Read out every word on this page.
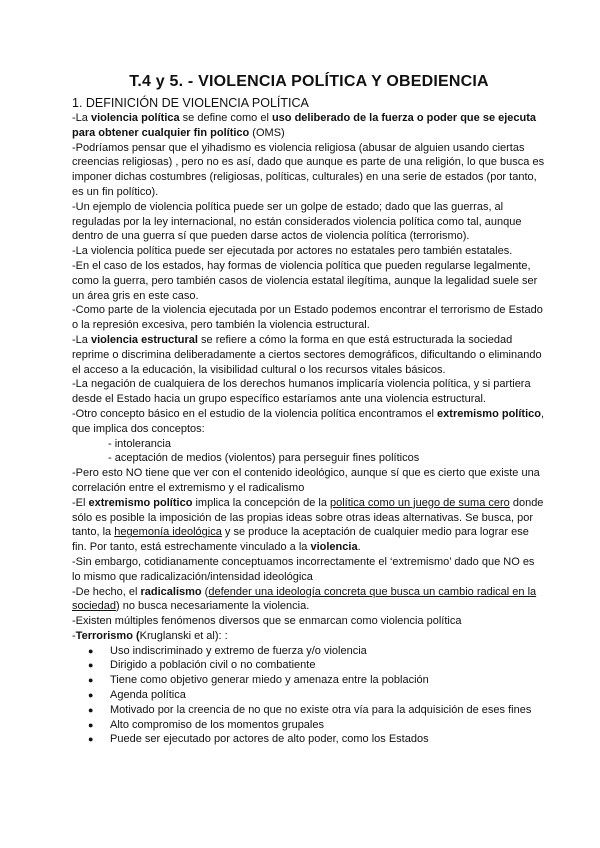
T.4 y 5. - VIOLENCIA POLÍTICA Y OBEDIENCIA
1. DEFINICIÓN DE VIOLENCIA POLÍTICA

-La violencia política se define como el uso deliberado de la fuerza o poder que se ejecuta para obtener cualquier fin político (OMS)

-Podríamos pensar que el yihadismo es violencia religiosa (abusar de alguien usando ciertas creencias religiosas) , pero no es así, dado que aunque es parte de una religión, lo que busca es imponer dichas costumbres (religiosas, políticas, culturales) en una serie de estados (por tanto, es un fin político).

-Un ejemplo de violencia política puede ser un golpe de estado; dado que las guerras, al reguladas por la ley internacional, no están considerados violencia política como tal, aunque dentro de una guerra sí que pueden darse actos de violencia política (terrorismo).

-La violencia política puede ser ejecutada por actores no estatales pero también estatales.

-En el caso de los estados, hay formas de violencia política que pueden regularse legalmente, como la guerra, pero también casos de violencia estatal ilegítima, aunque la legalidad suele ser un área gris en este caso.

-Como parte de la violencia ejecutada por un Estado podemos encontrar el terrorismo de Estado o la represión excesiva, pero también la violencia estructural.

-La violencia estructural se refiere a cómo la forma en que está estructurada la sociedad reprime o discrimina deliberadamente a ciertos sectores demográficos, dificultando o eliminando el acceso a la educación, la visibilidad cultural o los recursos vitales básicos.

-La negación de cualquiera de los derechos humanos implicaría violencia política, y si partiera desde el Estado hacia un grupo específico estaríamos ante una violencia estructural.

-Otro concepto básico en el estudio de la violencia política encontramos el extremismo político, que implica dos conceptos:

- intolerancia

- aceptación de medios (violentos) para perseguir fines políticos

-Pero esto NO tiene que ver con el contenido ideológico, aunque sí que es cierto que existe una correlación entre el extremismo y el radicalismo

-El extremismo político implica la concepción de la política como un juego de suma cero donde sólo es posible la imposición de las propias ideas sobre otras ideas alternativas. Se busca, por tanto, la hegemonía ideológica y se produce la aceptación de cualquier medio para lograr ese fin. Por tanto, está estrechamente vinculado a la violencia.

-Sin embargo, cotidianamente conceptuamos incorrectamente el ‘extremismo’ dado que NO es lo mismo que radicalización/intensidad ideológica

-De hecho, el radicalismo (defender una ideología concreta que busca un cambio radical en la sociedad) no busca necesariamente la violencia.

-Existen múltiples fenómenos diversos que se enmarcan como violencia política

-Terrorismo (Kruglanski et al): :

● Uso indiscriminado y extremo de fuerza y/o violencia
● Dirigido a población civil o no combatiente
● Tiene como objetivo generar miedo y amenaza entre la población
● Agenda política
● Motivado por la creencia de no que no existe otra vía para la adquisición de eses fines
● Alto compromiso de los momentos grupales
● Puede ser ejecutado por actores de alto poder, como los Estados
